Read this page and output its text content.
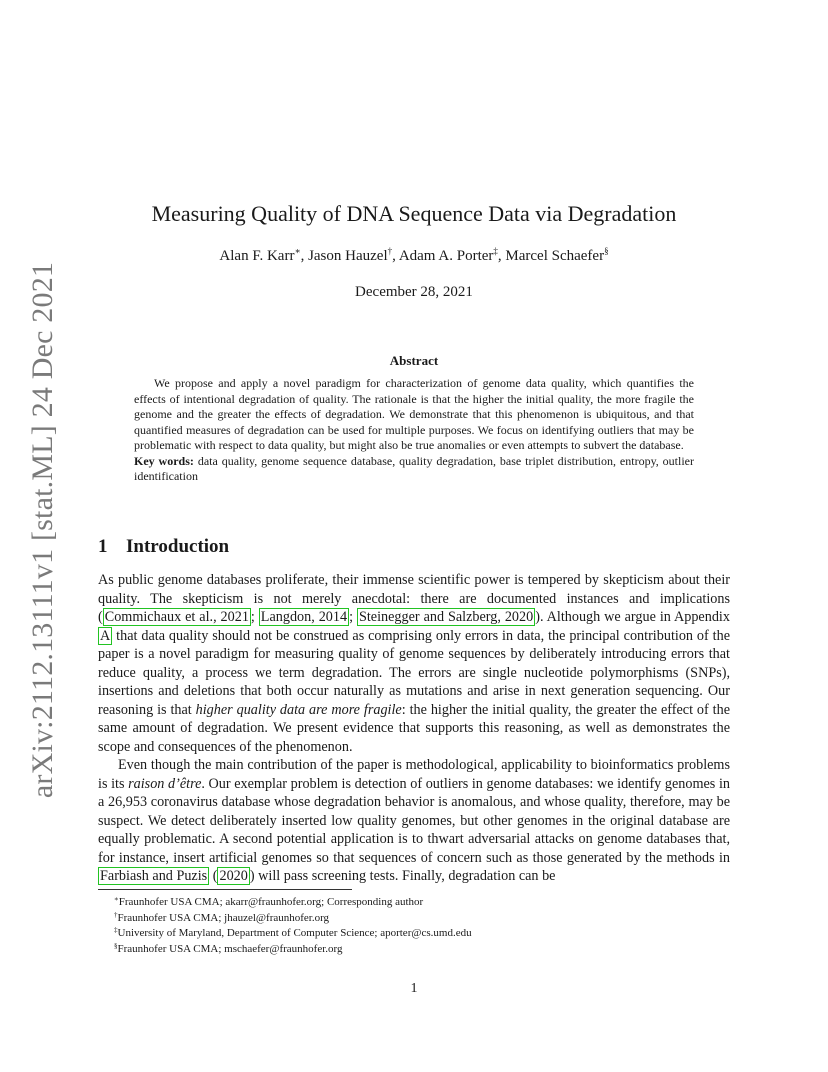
arXiv:2112.13111v1 [stat.ML] 24 Dec 2021
Measuring Quality of DNA Sequence Data via Degradation
Alan F. Karr∗, Jason Hauzel†, Adam A. Porter‡, Marcel Schaefer§
December 28, 2021
Abstract

We propose and apply a novel paradigm for characterization of genome data quality, which quantifies the effects of intentional degradation of quality. The rationale is that the higher the initial quality, the more fragile the genome and the greater the effects of degradation. We demonstrate that this phenomenon is ubiquitous, and that quantified measures of degradation can be used for multiple purposes. We focus on identifying outliers that may be problematic with respect to data quality, but might also be true anomalies or even attempts to subvert the database.

Key words: data quality, genome sequence database, quality degradation, base triplet distribution, entropy, outlier identification

1 Introduction

As public genome databases proliferate, their immense scientific power is tempered by skepticism about their quality. The skepticism is not merely anecdotal: there are documented instances and implications ( Commichaux et al., 2021 ; Langdon, 2014 ; Steinegger and Salzberg, 2020 ). Although we argue in Appendix A that data quality should not be construed as comprising only errors in data, the principal contribution of the paper is a novel paradigm for measuring quality of genome sequences by deliberately introducing errors that reduce quality, a process we term degradation. The errors are single nucleotide polymorphisms (SNPs), insertions and deletions that both occur naturally as mutations and arise in next generation sequencing. Our reasoning is that higher quality data are more fragile: the higher the initial quality, the greater the effect of the same amount of degradation. We present evidence that supports this reasoning, as well as demonstrates the scope and consequences of the phenomenon.

Even though the main contribution of the paper is methodological, applicability to bioinformatics problems is its raison d’être. Our exemplar problem is detection of outliers in genome databases: we identify genomes in a 26,953 coronavirus database whose degradation behavior is anomalous, and whose quality, therefore, may be suspect. We detect deliberately inserted low quality genomes, but other genomes in the original database are equally problematic. A second potential application is to thwart adversarial attacks on genome databases that, for instance, insert artificial genomes so that sequences of concern such as those generated by the methods in Farbiash and Puzis ( 2020 ) will pass screening tests. Finally, degradation can be

∗Fraunhofer USA CMA; akarr@fraunhofer.org; Corresponding author
†Fraunhofer USA CMA; jhauzel@fraunhofer.org
‡University of Maryland, Department of Computer Science; aporter@cs.umd.edu
§Fraunhofer USA CMA; mschaefer@fraunhofer.org
1
